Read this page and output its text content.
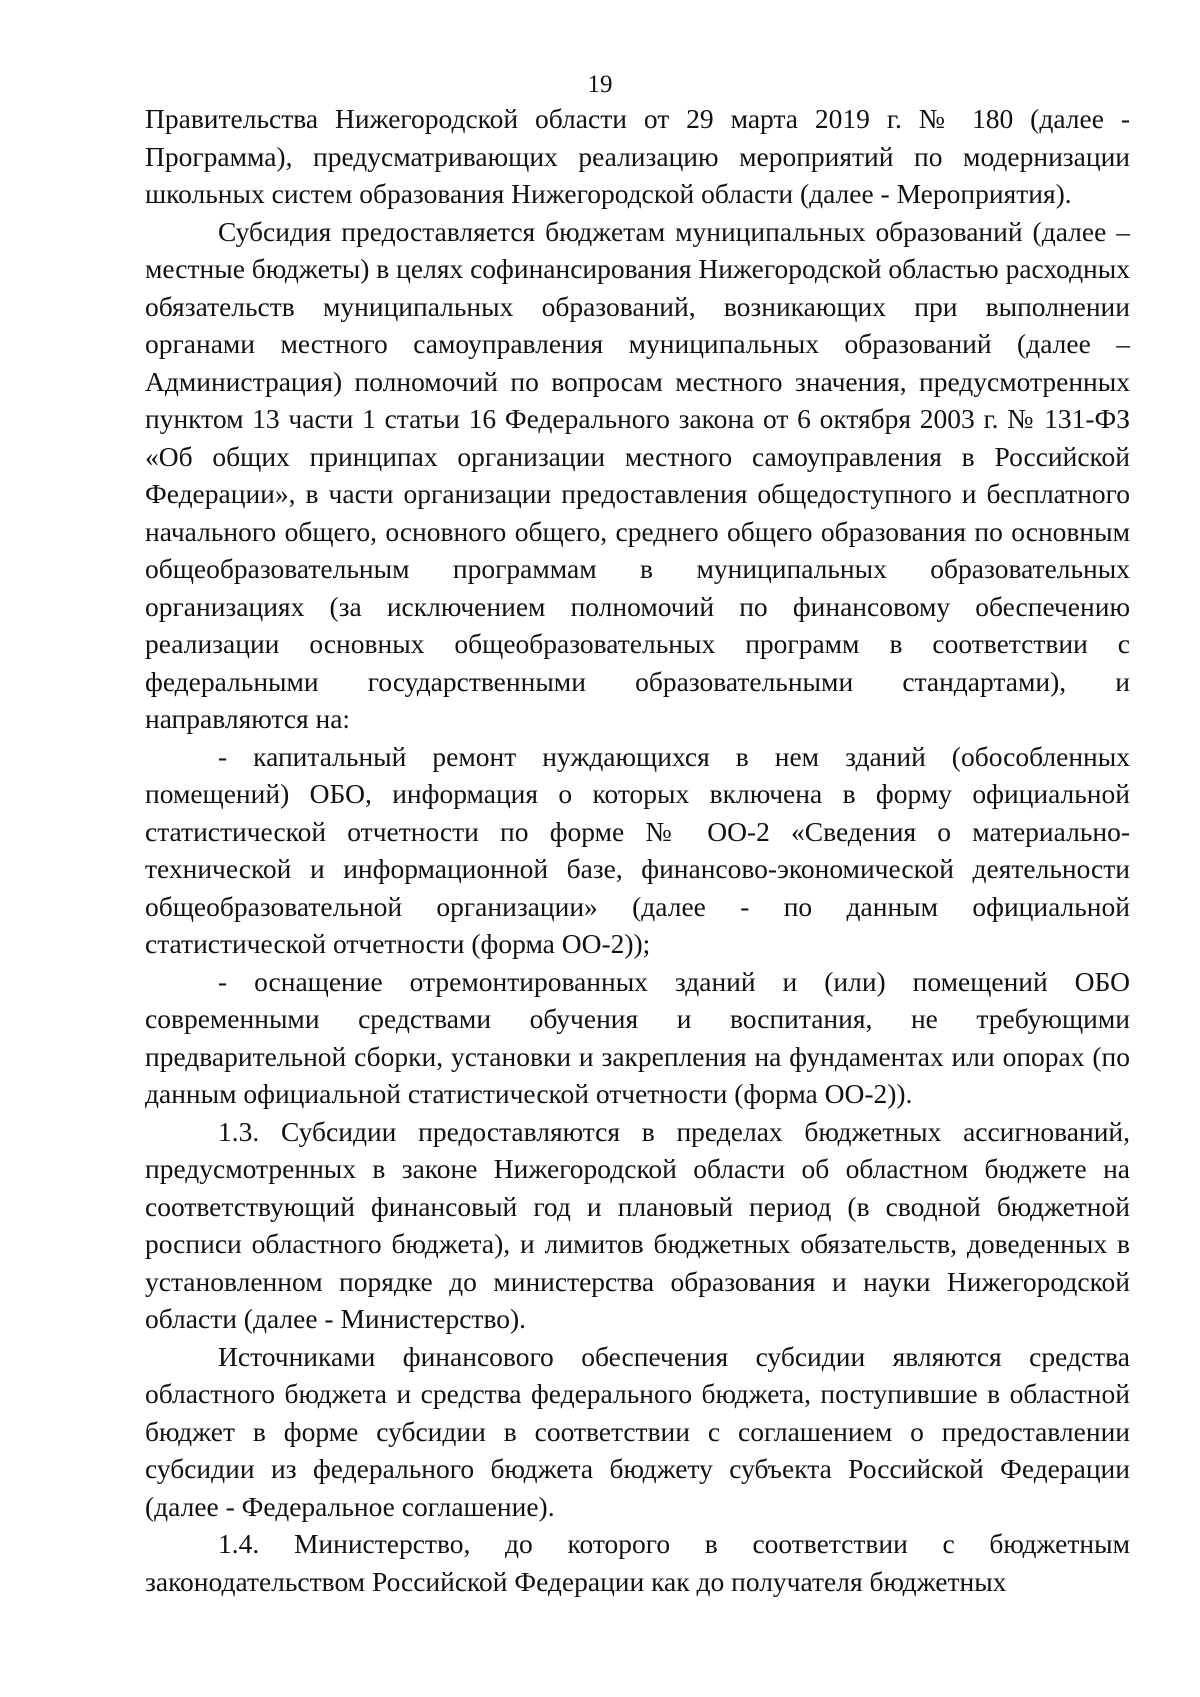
19

Правительства Нижегородской области от 29 марта 2019 г. № 180 (далее - Программа), предусматривающих реализацию мероприятий по модернизации школьных систем образования Нижегородской области (далее - Мероприятия).

Субсидия предоставляется бюджетам муниципальных образований (далее – местные бюджеты) в целях софинансирования Нижегородской областью расходных обязательств муниципальных образований, возникающих при выполнении органами местного самоуправления муниципальных образований (далее – Администрация) полномочий по вопросам местного значения, предусмотренных пунктом 13 части 1 статьи 16 Федерального закона от 6 октября 2003 г. № 131-ФЗ «Об общих принципах организации местного самоуправления в Российской Федерации», в части организации предоставления общедоступного и бесплатного начального общего, основного общего, среднего общего образования по основным общеобразовательным программам в муниципальных образовательных организациях (за исключением полномочий по финансовому обеспечению реализации основных общеобразовательных программ в соответствии с федеральными государственными образовательными стандартами), и направляются на:

- капитальный ремонт нуждающихся в нем зданий (обособленных помещений) ОБО, информация о которых включена в форму официальной статистической отчетности по форме № ОО-2 «Сведения о материально-технической и информационной базе, финансово-экономической деятельности общеобразовательной организации» (далее - по данным официальной статистической отчетности (форма ОО-2));

- оснащение отремонтированных зданий и (или) помещений ОБО современными средствами обучения и воспитания, не требующими предварительной сборки, установки и закрепления на фундаментах или опорах (по данным официальной статистической отчетности (форма ОО-2)).

1.3. Субсидии предоставляются в пределах бюджетных ассигнований, предусмотренных в законе Нижегородской области об областном бюджете на соответствующий финансовый год и плановый период (в сводной бюджетной росписи областного бюджета), и лимитов бюджетных обязательств, доведенных в установленном порядке до министерства образования и науки Нижегородской области (далее - Министерство).

Источниками финансового обеспечения субсидии являются средства областного бюджета и средства федерального бюджета, поступившие в областной бюджет в форме субсидии в соответствии с соглашением о предоставлении субсидии из федерального бюджета бюджету субъекта Российской Федерации (далее - Федеральное соглашение).

1.4. Министерство, до которого в соответствии с бюджетным законодательством Российской Федерации как до получателя бюджетных
